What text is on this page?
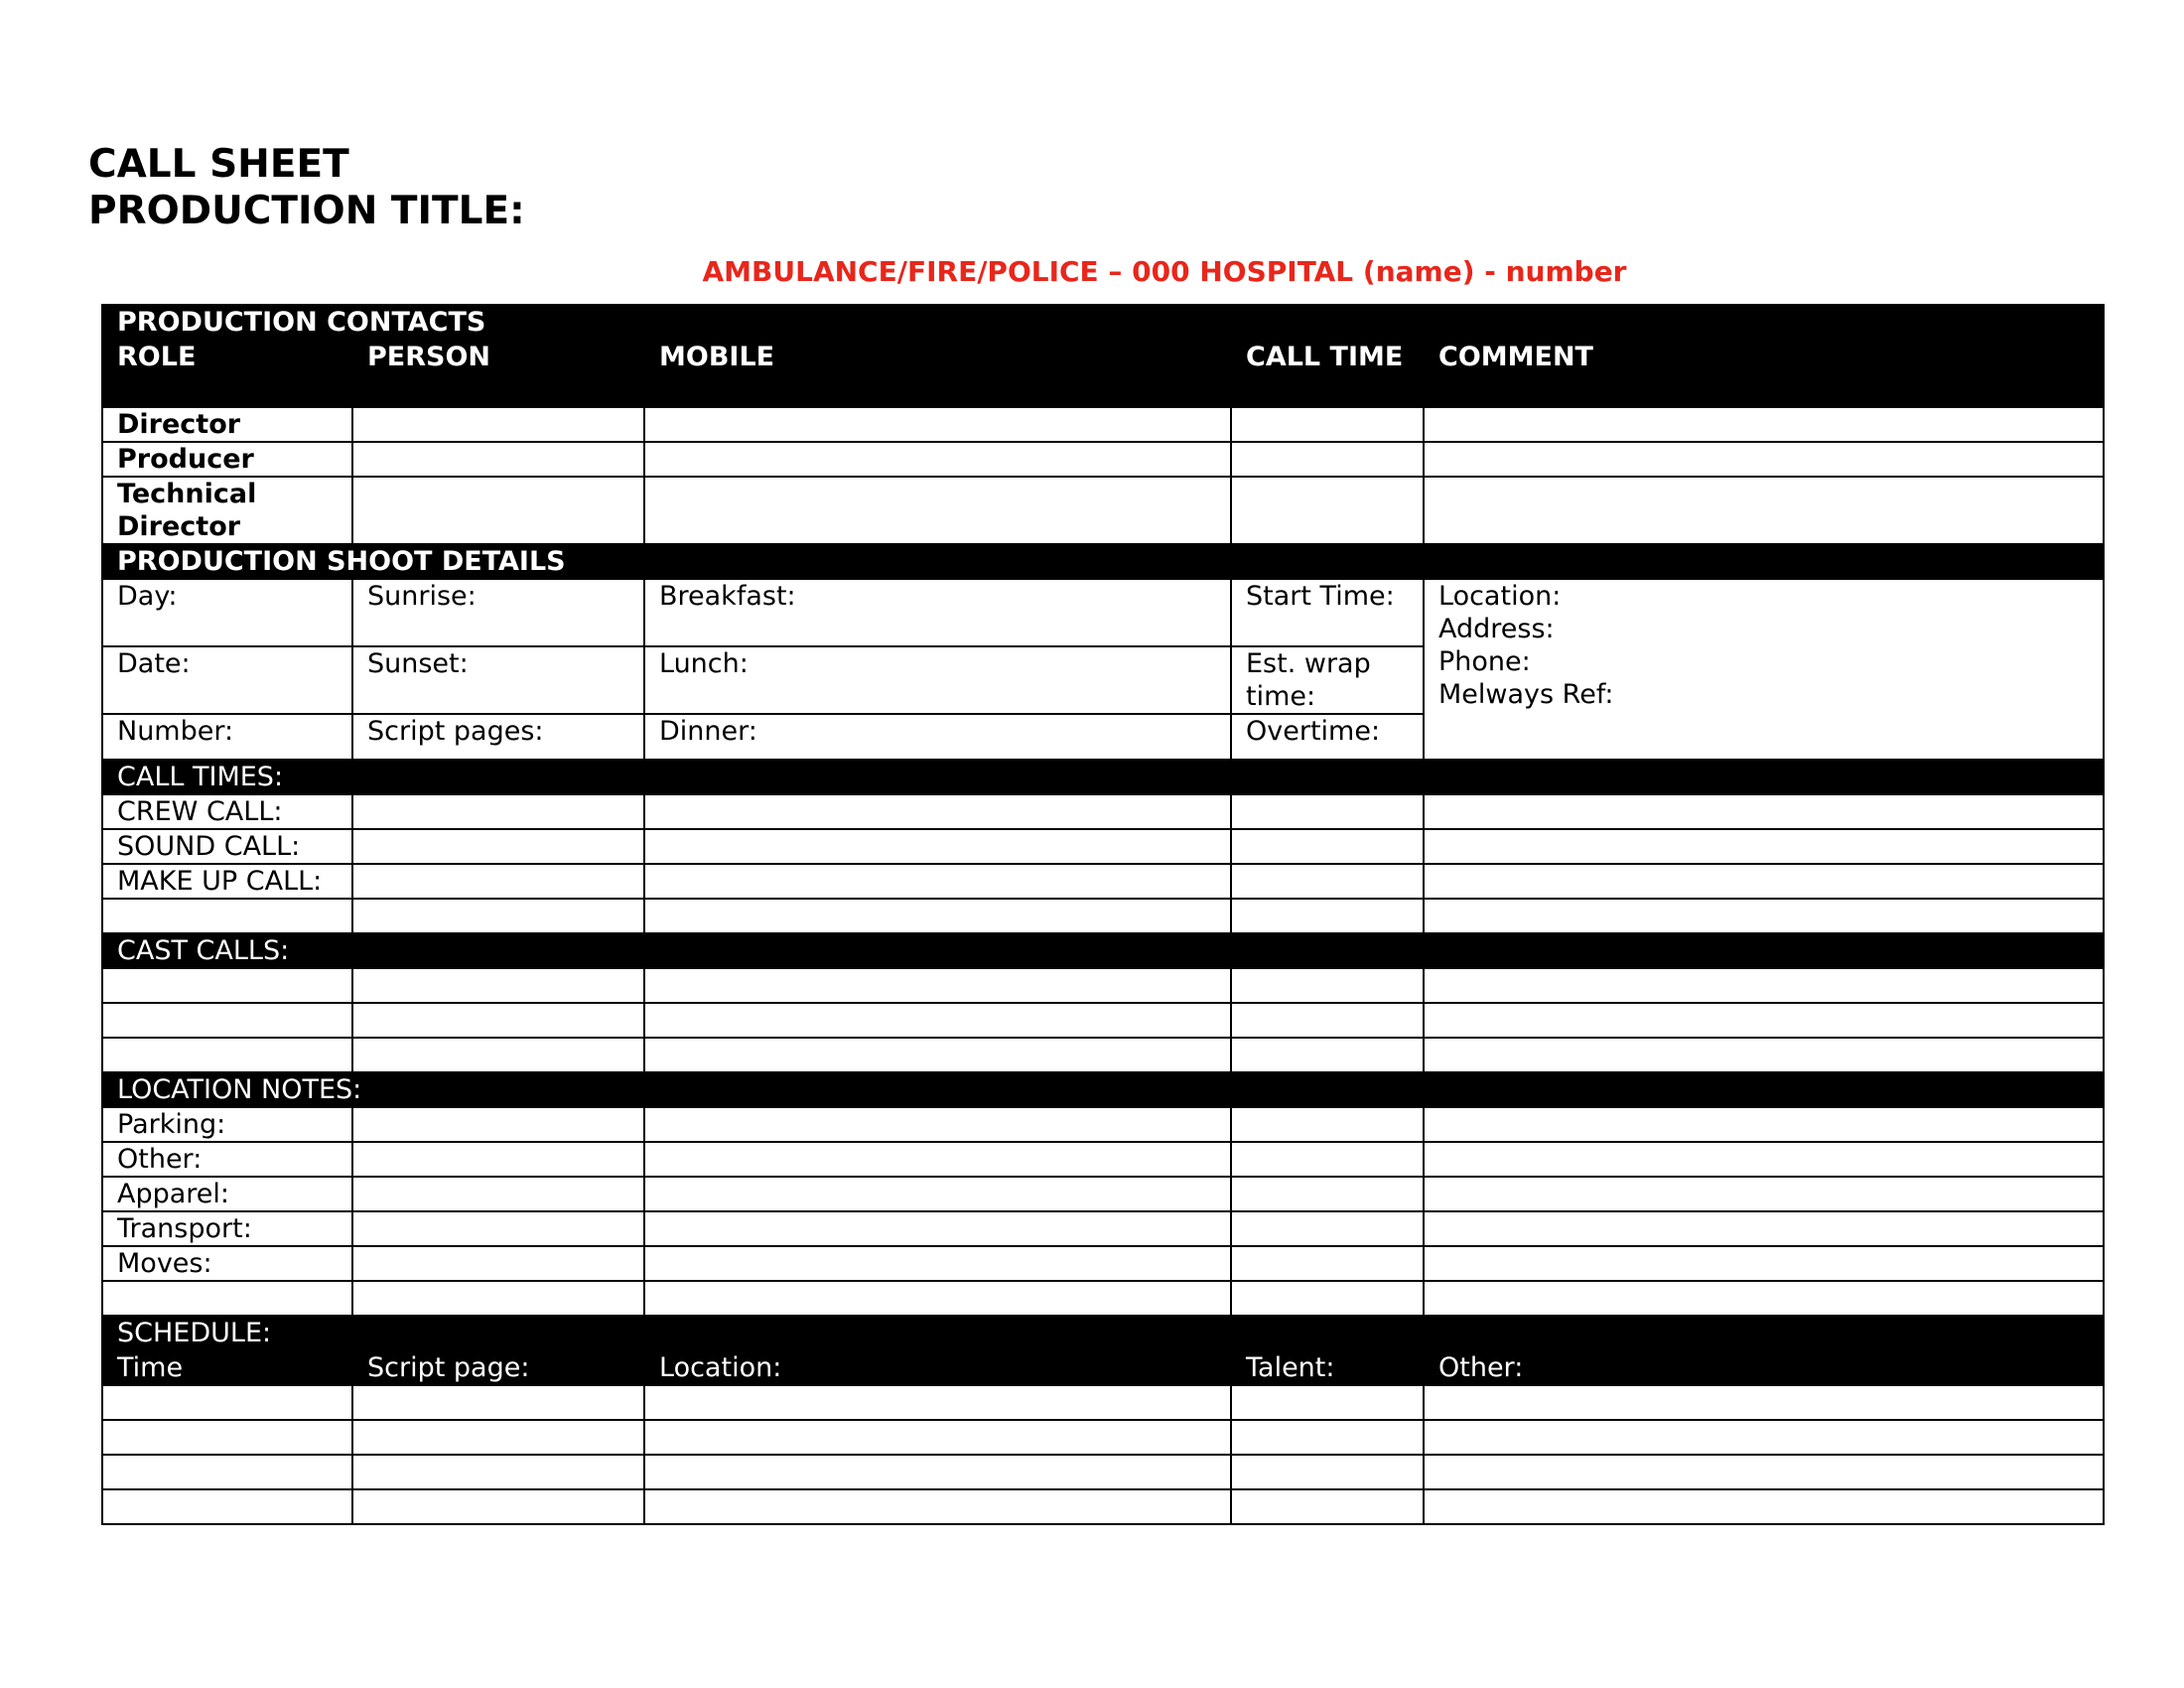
CALL SHEET
PRODUCTION TITLE:
AMBULANCE/FIRE/POLICE – 000 HOSPITAL (name) - number
PRODUCTION CONTACTS				
ROLE	PERSON	MOBILE	CALL TIME	COMMENT
Director				
Producer				
Technical Director				
PRODUCTION SHOOT DETAILS				
Day:	Sunrise:	Breakfast:	Start Time:	Location:
Address:
Phone:
Melways Ref:

Date:	Sunset:	Lunch:	Est. wrap time:	
Number:	Script pages:	Dinner:	Overtime:	
CALL TIMES:				
CREW CALL:				
SOUND CALL:				
MAKE UP CALL:				

CAST CALLS:				

LOCATION NOTES:				
Parking:				
Other:				
Apparel:				
Transport:				
Moves:				

SCHEDULE:				
Time	Script page:	Location:	Talent:	Other:
